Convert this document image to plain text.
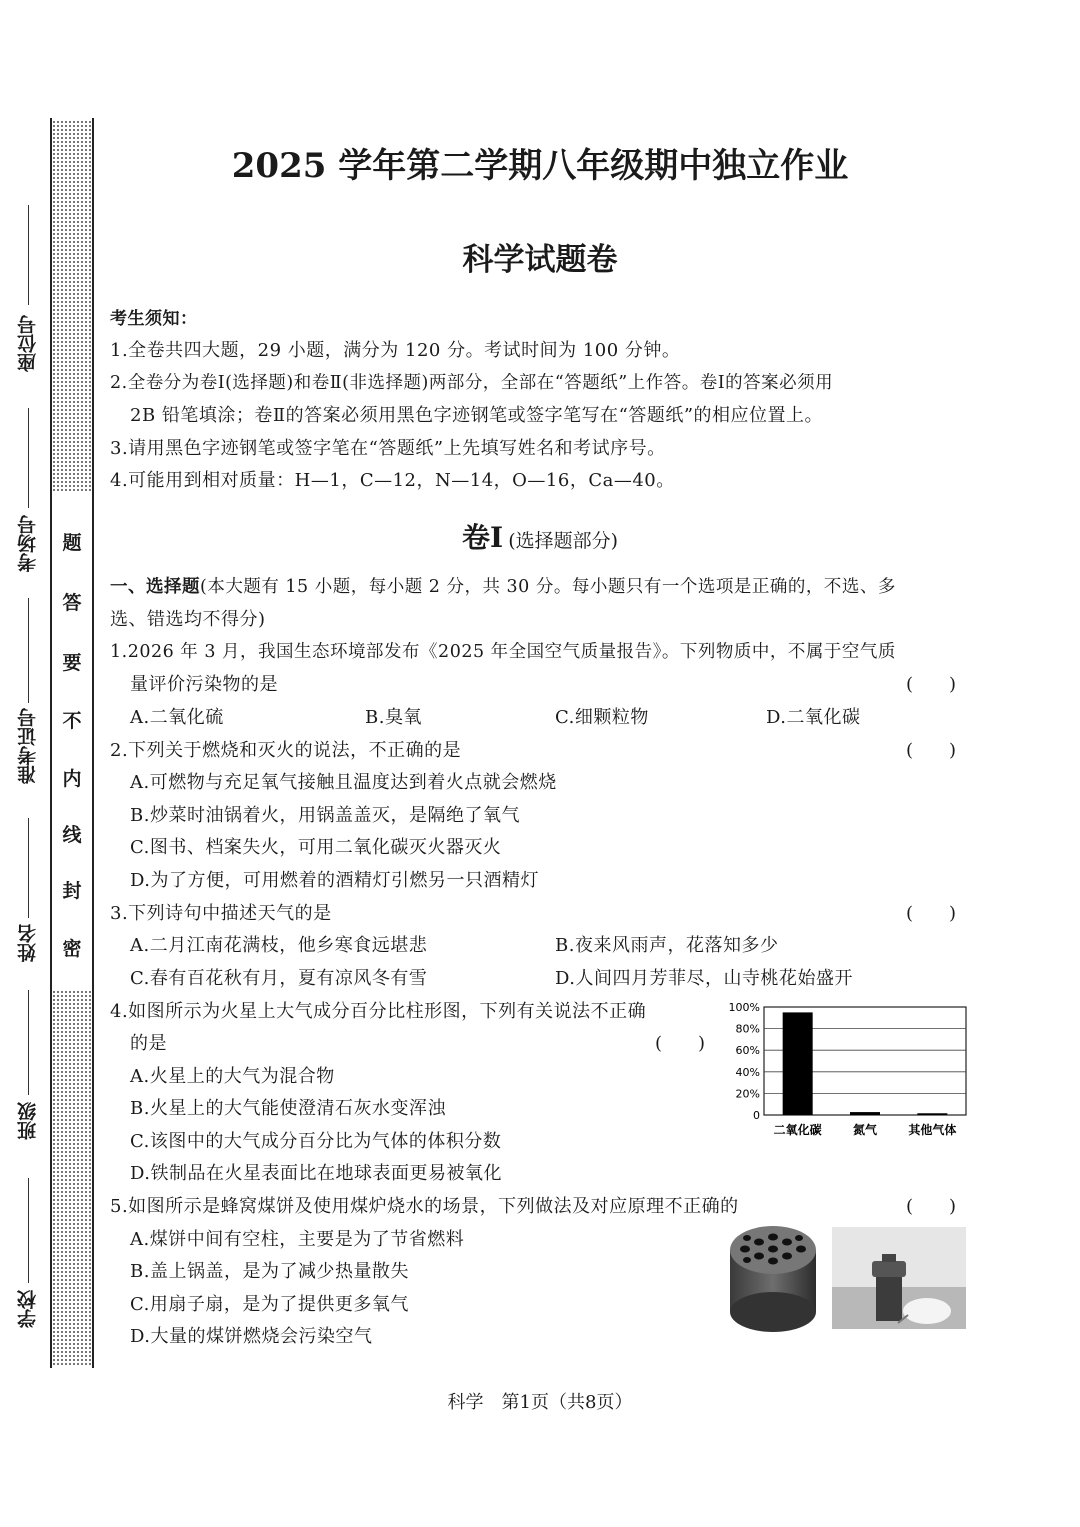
题
答
要
不
内
线
封
密
座位号
考场号
准考证号
姓名
班级
学校
2025 学年第二学期八年级期中独立作业
科学试题卷
考生须知：
1.全卷共四大题，29 小题，满分为 120 分。考试时间为 100 分钟。
2.全卷分为卷Ⅰ(选择题)和卷Ⅱ(非选择题)两部分，全部在“答题纸”上作答。卷Ⅰ的答案必须用
2B 铅笔填涂；卷Ⅱ的答案必须用黑色字迹钢笔或签字笔写在“答题纸”的相应位置上。
3.请用黑色字迹钢笔或签字笔在“答题纸”上先填写姓名和考试序号。
4.可能用到相对质量：H—1，C—12，N—14，O—16，Ca—40。
卷Ⅰ (选择题部分)
一、选择题(本大题有 15 小题，每小题 2 分，共 30 分。每小题只有一个选项是正确的，不选、多
选、错选均不得分)
1.2026 年 3 月，我国生态环境部发布《2025 年全国空气质量报告》。下列物质中，不属于空气质
量评价污染物的是	(　　)
A.二氧化硫	B.臭氧	C.细颗粒物	D.二氧化碳
2.下列关于燃烧和灭火的说法，不正确的是	(　　)
A.可燃物与充足氧气接触且温度达到着火点就会燃烧
B.炒菜时油锅着火，用锅盖盖灭，是隔绝了氧气
C.图书、档案失火，可用二氧化碳灭火器灭火
D.为了方便，可用燃着的酒精灯引燃另一只酒精灯
3.下列诗句中描述天气的是	(　　)
A.二月江南花满枝，他乡寒食远堪悲	B.夜来风雨声，花落知多少
C.春有百花秋有月，夏有凉风冬有雪	D.人间四月芳菲尽，山寺桃花始盛开
4.如图所示为火星上大气成分百分比柱形图，下列有关说法不正确
的是	(　　)
A.火星上的大气为混合物
B.火星上的大气能使澄清石灰水变浑浊
C.该图中的大气成分百分比为气体的体积分数
D.铁制品在火星表面比在地球表面更易被氧化
0
20%
40%
60%
80%
100%
二氧化碳	氮气	其他气体
5.如图所示是蜂窝煤饼及使用煤炉烧水的场景，下列做法及对应原理不正确的	(　　)
A.煤饼中间有空柱，主要是为了节省燃料
B.盖上锅盖，是为了减少热量散失
C.用扇子扇，是为了提供更多氧气
D.大量的煤饼燃烧会污染空气
科学　第1页（共8页）
